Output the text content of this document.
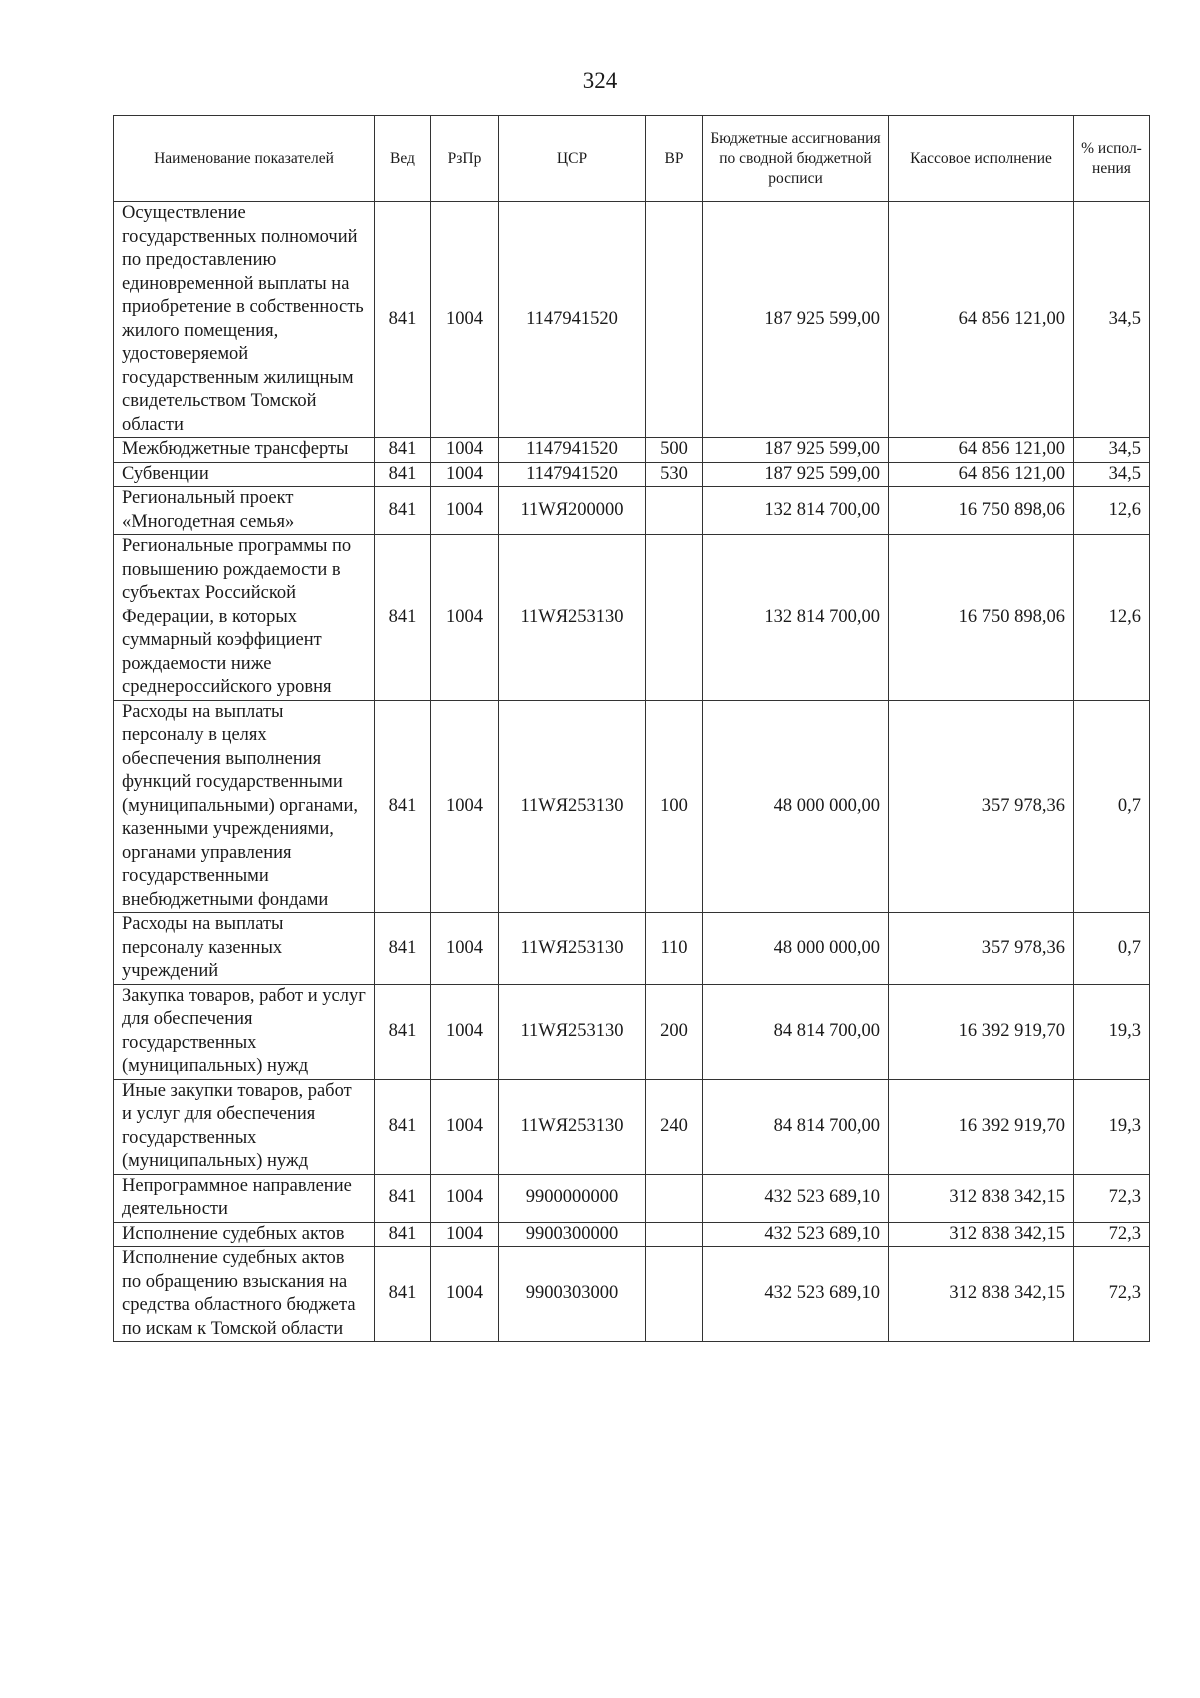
324
Наименование показателей	Вед	РзПр	ЦСР	ВР	Бюджетные ассигнования по сводной бюджетной росписи	Кассовое исполнение	% испол-нения
Осуществление государственных полномочий по предоставлению единовременной выплаты на приобретение в собственность жилого помещения, удостоверяемой государственным жилищным свидетельством Томской области	841	1004	1147941520		187 925 599,00	64 856 121,00	34,5
Межбюджетные трансферты	841	1004	1147941520	500	187 925 599,00	64 856 121,00	34,5
Субвенции	841	1004	1147941520	530	187 925 599,00	64 856 121,00	34,5
Региональный проект «Многодетная семья»	841	1004	11WЯ200000		132 814 700,00	16 750 898,06	12,6
Региональные программы по повышению рождаемости в субъектах Российской Федерации, в которых суммарный коэффициент рождаемости ниже среднероссийского уровня	841	1004	11WЯ253130		132 814 700,00	16 750 898,06	12,6
Расходы на выплаты персоналу в целях обеспечения выполнения функций государственными (муниципальными) органами, казенными учреждениями, органами управления государственными внебюджетными фондами	841	1004	11WЯ253130	100	48 000 000,00	357 978,36	0,7
Расходы на выплаты персоналу казенных учреждений	841	1004	11WЯ253130	110	48 000 000,00	357 978,36	0,7
Закупка товаров, работ и услуг для обеспечения государственных (муниципальных) нужд	841	1004	11WЯ253130	200	84 814 700,00	16 392 919,70	19,3
Иные закупки товаров, работ и услуг для обеспечения государственных (муниципальных) нужд	841	1004	11WЯ253130	240	84 814 700,00	16 392 919,70	19,3
Непрограммное направление деятельности	841	1004	9900000000		432 523 689,10	312 838 342,15	72,3
Исполнение судебных актов	841	1004	9900300000		432 523 689,10	312 838 342,15	72,3
Исполнение судебных актов по обращению взыскания на средства областного бюджета по искам к Томской области	841	1004	9900303000		432 523 689,10	312 838 342,15	72,3
